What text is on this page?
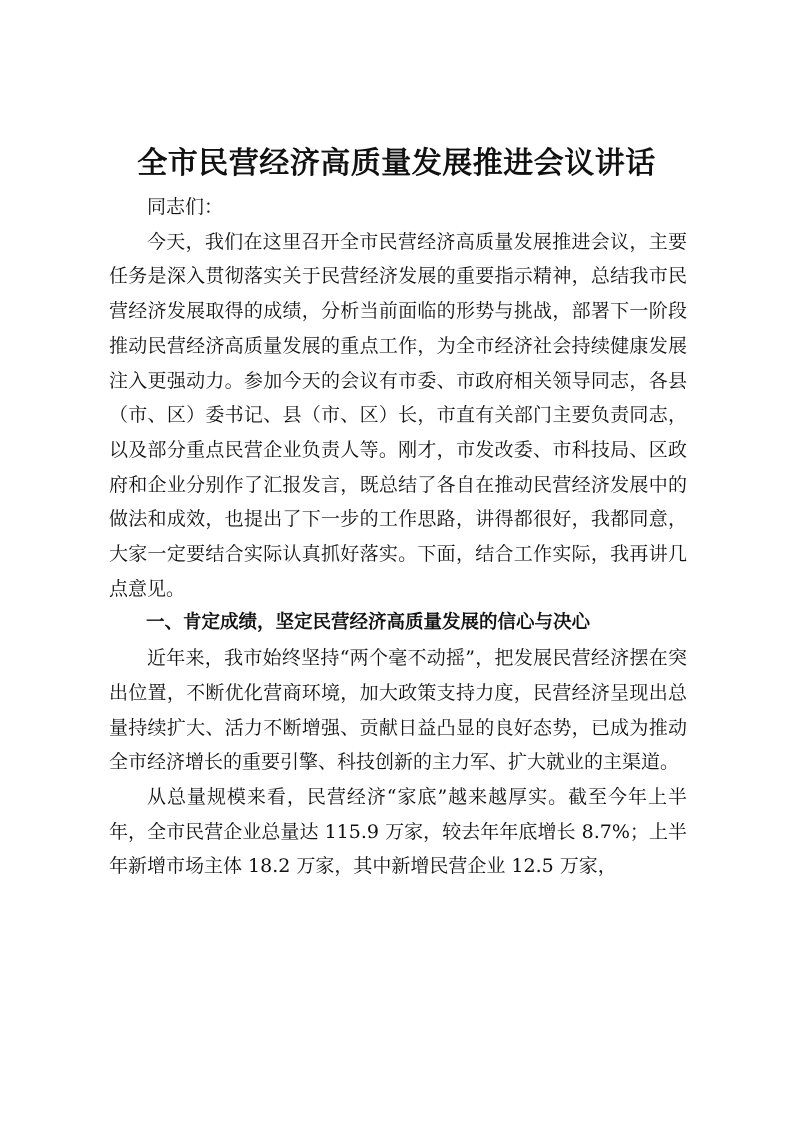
全市民营经济高质量发展推进会议讲话

同志们：

今天，我们在这里召开全市民营经济高质量发展推进会议，主要任务是深入贯彻落实关于民营经济发展的重要指示精神，总结我市民营经济发展取得的成绩，分析当前面临的形势与挑战，部署下一阶段推动民营经济高质量发展的重点工作，为全市经济社会持续健康发展注入更强动力。参加今天的会议有市委、市政府相关领导同志，各县（市、区）委书记、县（市、区）长，市直有关部门主要负责同志，以及部分重点民营企业负责人等。刚才，市发改委、市科技局、区政府和企业分别作了汇报发言，既总结了各自在推动民营经济发展中的做法和成效，也提出了下一步的工作思路，讲得都很好，我都同意，大家一定要结合实际认真抓好落实。下面，结合工作实际，我再讲几点意见。

一、肯定成绩，坚定民营经济高质量发展的信心与决心

近年来，我市始终坚持“两个毫不动摇”，把发展民营经济摆在突出位置，不断优化营商环境，加大政策支持力度，民营经济呈现出总量持续扩大、活力不断增强、贡献日益凸显的良好态势，已成为推动全市经济增长的重要引擎、科技创新的主力军、扩大就业的主渠道。

从总量规模来看，民营经济“家底”越来越厚实。截至今年上半年，全市民营企业总量达 115.9 万家，较去年年底增长 8.7%；上半年新增市场主体 18.2 万家，其中新增民营企业 12.5 万家，
